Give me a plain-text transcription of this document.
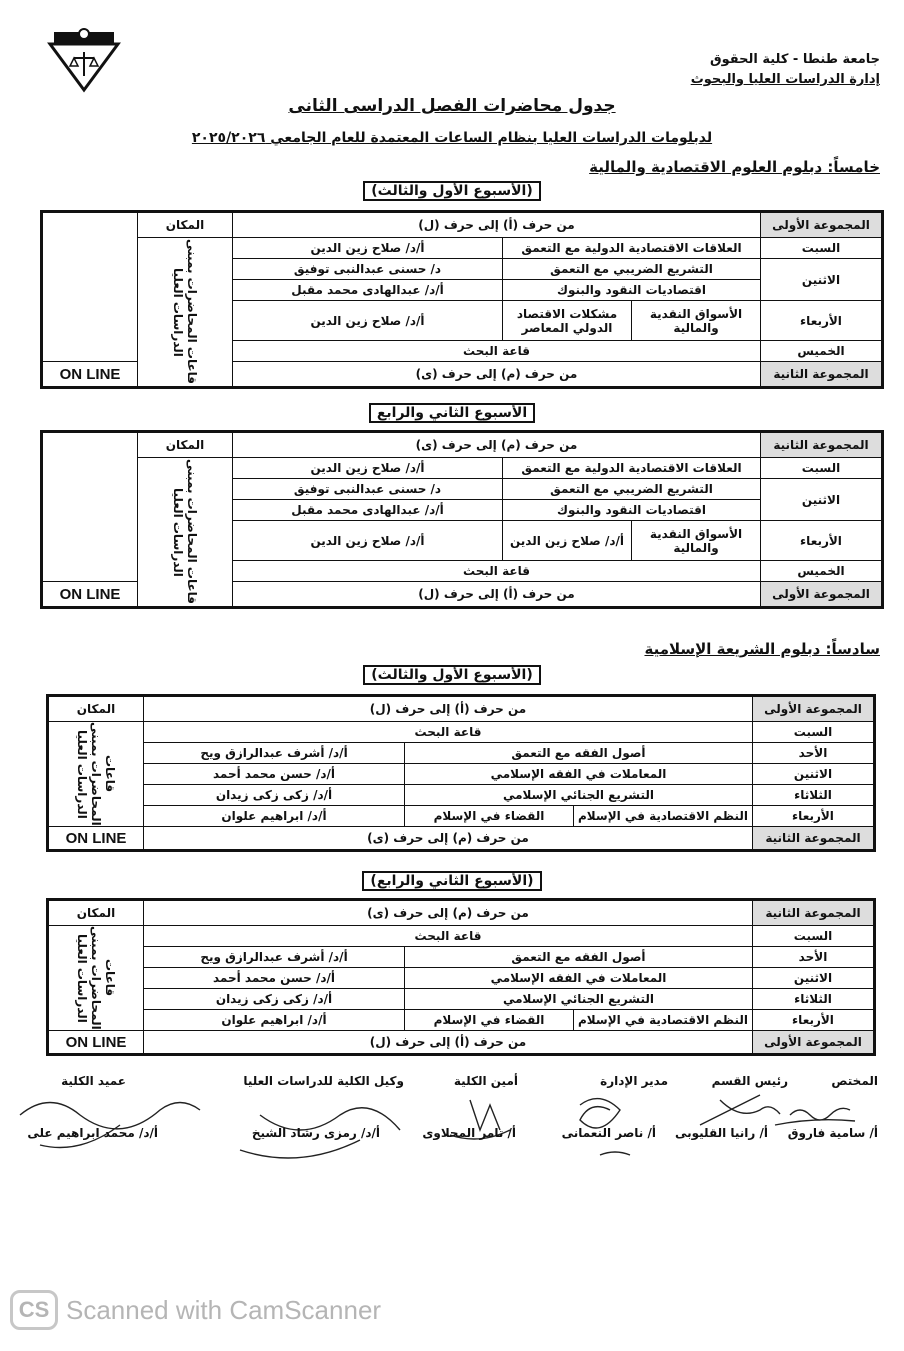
جامعة طنطا - كلية الحقوق
إدارة الدراسات العليا والبحوث
جدول محاضرات الفصل الدراسى الثانى
لدبلومات الدراسات العليا بنظام الساعات المعتمدة للعام الجامعي ٢٠٢٥/٢٠٢٦
خامساً: دبلوم العلوم الاقتصادية والمالية
(الأسبوع الأول والثالث)
المجموعة الأولى	من حرف (أ) إلى حرف (ل)			المكان	
السبت	العلاقات الاقتصادية الدولية مع التعمق		أ/د/ صلاح زين الدين	قاعات المحاضرات بمبنى الدراسات العليا	
الاثنين	التشريع الضريبي مع التعمق		د/ حسنى عبدالنبى توفيق		
	اقتصاديات النقود والبنوك		أ/د/ عبدالهادى محمد مقبل		
الأربعاء	الأسواق النقدية والمالية	مشكلات الاقتصاد الدولي المعاصر	أ/د/ صلاح زين الدين		
الخميس	قاعة البحث				
المجموعة الثانية	من حرف (م) إلى حرف (ى)				ON LINE
الأسبوع الثاني والرابع
المجموعة الثانية	من حرف (م) إلى حرف (ى)			المكان	
السبت	العلاقات الاقتصادية الدولية مع التعمق		أ/د/ صلاح زين الدين	قاعات المحاضرات بمبنى الدراسات العليا	
الاثنين	التشريع الضريبي مع التعمق		د/ حسنى عبدالنبى توفيق		
	اقتصاديات النقود والبنوك		أ/د/ عبدالهادى محمد مقبل		
الأربعاء	الأسواق النقدية والمالية	أ/د/ صلاح زين الدين	أ/د/ صلاح زين الدين		
الخميس	قاعة البحث				
المجموعة الأولى	من حرف (أ) إلى حرف (ل)				ON LINE
سادساً: دبلوم الشريعة الإسلامية
(الأسبوع الأول والثالث)
المجموعة الأولى	من حرف (أ) إلى حرف (ل)			المكان
السبت	قاعة البحث			قاعات المحاضرات بمبنى الدراسات العليا
الأحد	أصول الفقه مع التعمق		أ/د/ أشرف عبدالرازق ويح	
الاثنين	المعاملات في الفقه الإسلامي		أ/د/ حسن محمد أحمد	
الثلاثاء	التشريع الجنائي الإسلامي		أ/د/ زكى زكى زيدان	
الأربعاء	النظم الاقتصادية في الإسلام	القضاء في الإسلام	أ/د/ ابراهيم علوان	
المجموعة الثانية	من حرف (م) إلى حرف (ى)			ON LINE
(الأسبوع الثاني والرابع)
المجموعة الثانية	من حرف (م) إلى حرف (ى)			المكان
السبت	قاعة البحث			قاعات المحاضرات بمبنى الدراسات العليا
الأحد	أصول الفقه مع التعمق		أ/د/ أشرف عبدالرازق ويح	
الاثنين	المعاملات في الفقه الإسلامي		أ/د/ حسن محمد أحمد	
الثلاثاء	التشريع الجنائي الإسلامي		أ/د/ زكى زكى زيدان	
الأربعاء	النظم الاقتصادية في الإسلام	القضاء في الإسلام	أ/د/ ابراهيم علوان	
المجموعة الأولى	من حرف (أ) إلى حرف (ل)			ON LINE
المختص
رئيس القسم
مدير الإدارة
أمين الكلية
وكيل الكلية للدراسات العليا
عميد الكلية
أ/ سامية فاروق
أ/ رانيا القليوبى
أ/ ناصر النعمانى
أ/ تامر المحلاوى
أ/د/ رمزى رشاد الشيخ
أ/د/ محمد ابراهيم على
CS Scanned with CamScanner
